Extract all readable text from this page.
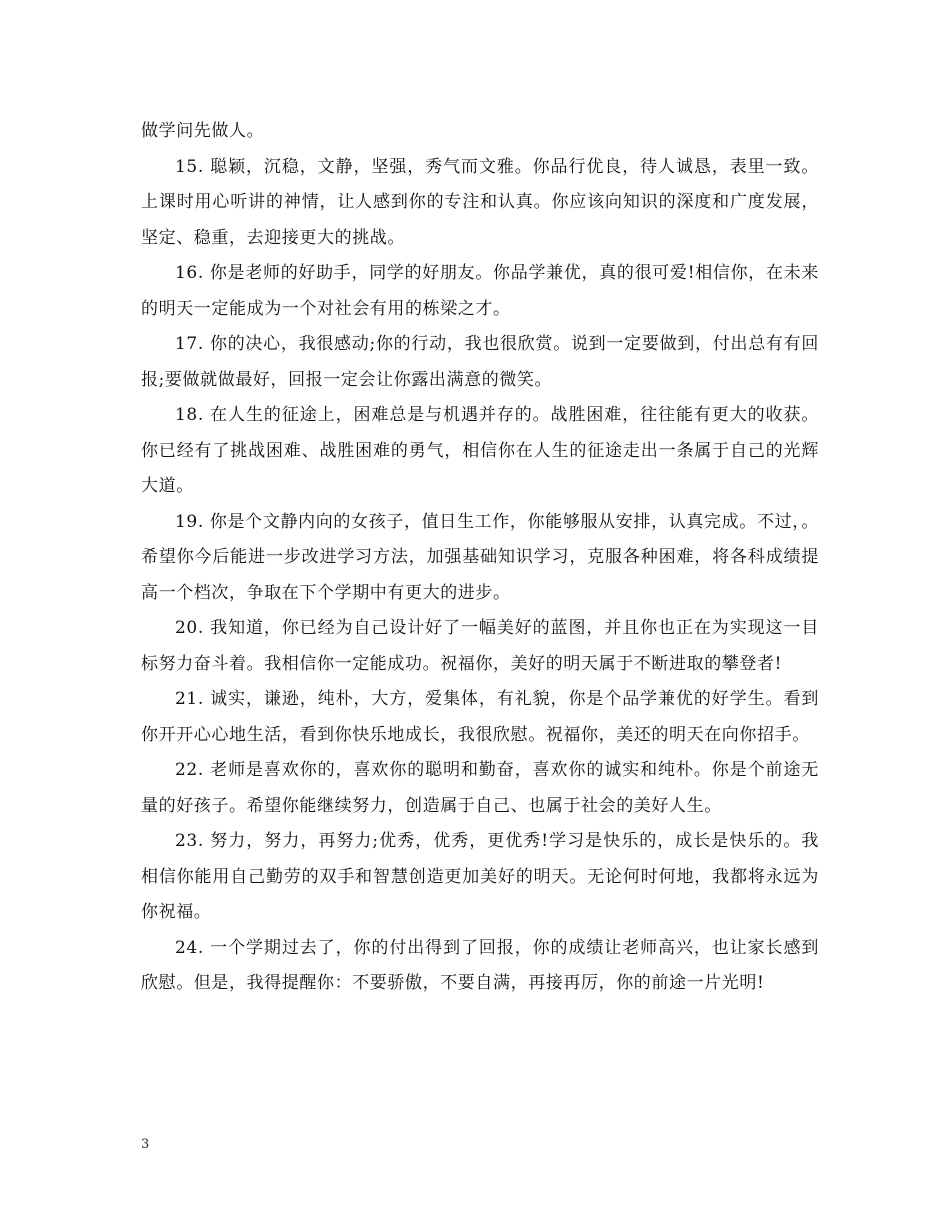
做学问先做人。

15. 聪颖，沉稳，文静，坚强，秀气而文雅。你品行优良，待人诚恳，表里一致。上课时用心听讲的神情，让人感到你的专注和认真。你应该向知识的深度和广度发展，坚定、稳重，去迎接更大的挑战。

16. 你是老师的好助手，同学的好朋友。你品学兼优，真的很可爱!相信你，在未来的明天一定能成为一个对社会有用的栋梁之才。

17. 你的决心，我很感动;你的行动，我也很欣赏。说到一定要做到，付出总有有回报;要做就做最好，回报一定会让你露出满意的微笑。

18. 在人生的征途上，困难总是与机遇并存的。战胜困难，往往能有更大的收获。你已经有了挑战困难、战胜困难的勇气，相信你在人生的征途走出一条属于自己的光辉大道。

19. 你是个文静内向的女孩子，值日生工作，你能够服从安排，认真完成。不过，。希望你今后能进一步改进学习方法，加强基础知识学习，克服各种困难，将各科成绩提高一个档次，争取在下个学期中有更大的进步。

20. 我知道，你已经为自己设计好了一幅美好的蓝图，并且你也正在为实现这一目标努力奋斗着。我相信你一定能成功。祝福你，美好的明天属于不断进取的攀登者!

21. 诚实，谦逊，纯朴，大方，爱集体，有礼貌，你是个品学兼优的好学生。看到你开开心心地生活，看到你快乐地成长，我很欣慰。祝福你，美还的明天在向你招手。

22. 老师是喜欢你的，喜欢你的聪明和勤奋，喜欢你的诚实和纯朴。你是个前途无量的好孩子。希望你能继续努力，创造属于自己、也属于社会的美好人生。

23. 努力，努力，再努力;优秀，优秀，更优秀!学习是快乐的，成长是快乐的。我相信你能用自己勤劳的双手和智慧创造更加美好的明天。无论何时何地，我都将永远为你祝福。

24. 一个学期过去了，你的付出得到了回报，你的成绩让老师高兴，也让家长感到欣慰。但是，我得提醒你：不要骄傲，不要自满，再接再厉，你的前途一片光明!

3
